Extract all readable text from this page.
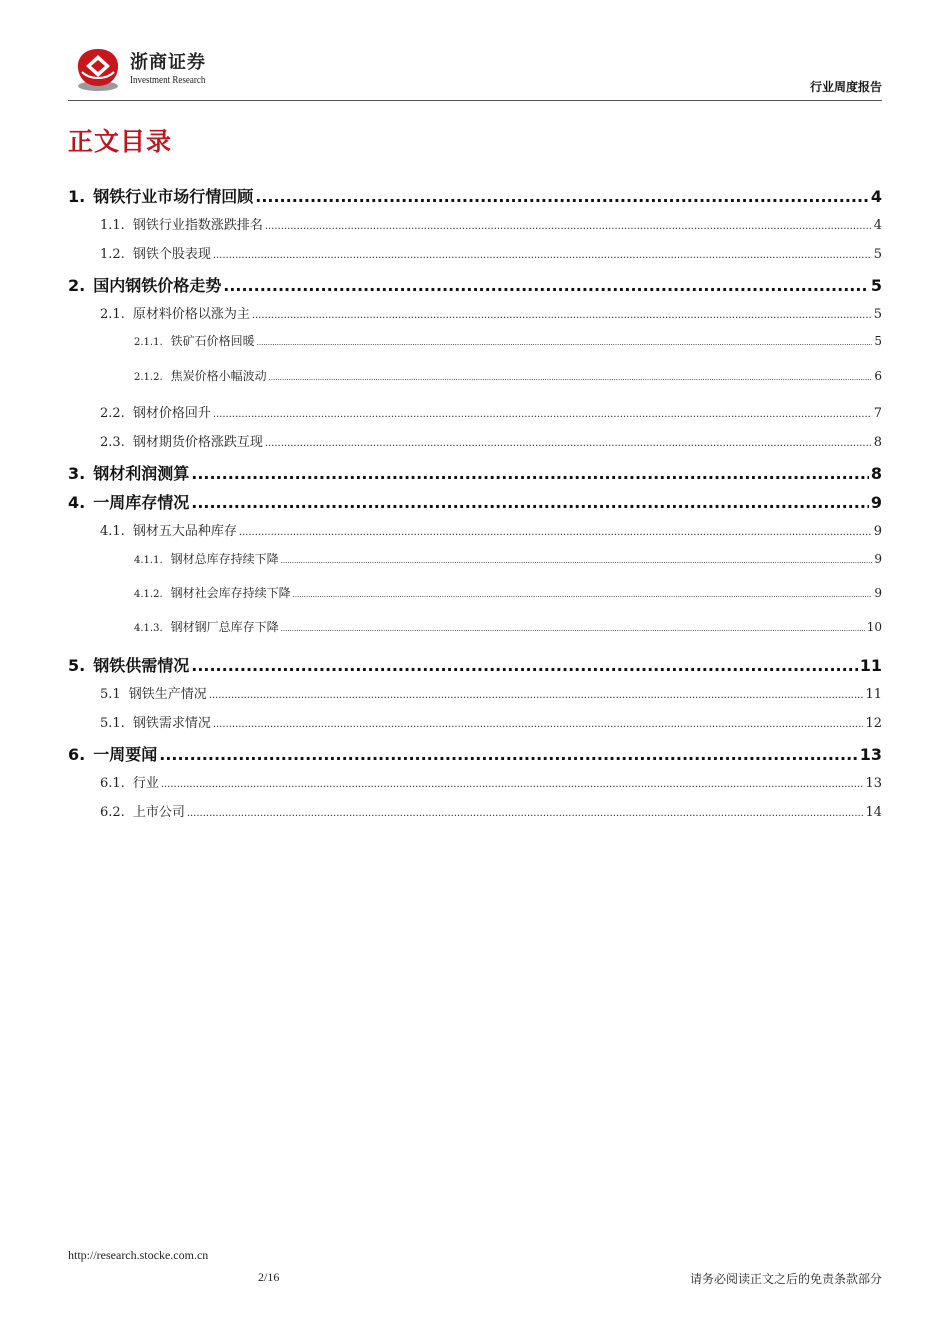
浙商证券
Investment Research	行业周度报告
正文目录
1. 钢铁行业市场行情回顾 .....	4
1.1. 钢铁行业指数涨跌排名 .....	4
1.2. 钢铁个股表现 .....	5
2. 国内钢铁价格走势 .....	5
2.1. 原材料价格以涨为主 .....	5
2.1.1. 铁矿石价格回暖 .....	5
2.1.2. 焦炭价格小幅波动 .....	6
2.2. 钢材价格回升 .....	7
2.3. 钢材期货价格涨跌互现 .....	8
3. 钢材利润测算 .....	8
4. 一周库存情况 .....	9
4.1. 钢材五大品种库存 .....	9
4.1.1. 钢材总库存持续下降 .....	9
4.1.2. 钢材社会库存持续下降 .....	9
4.1.3. 钢材钢厂总库存下降 .....	10
5. 钢铁供需情况 .....	11
5.1 钢铁生产情况 .....	11
5.1. 钢铁需求情况 .....	12
6. 一周要闻 .....	13
6.1. 行业 .....	13
6.2. 上市公司 .....	14
http://research.stocke.com.cn
2/16	请务必阅读正文之后的免责条款部分
